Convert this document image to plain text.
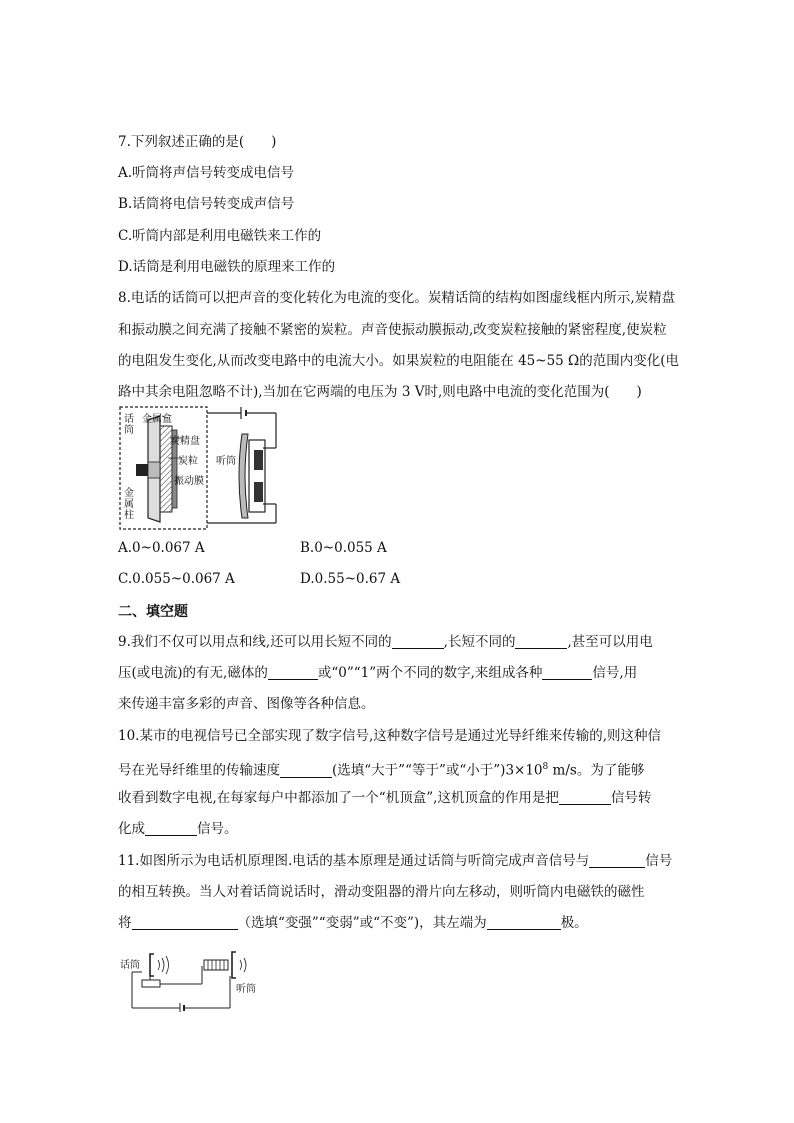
7.下列叙述正确的是(　　)
A.听筒将声信号转变成电信号
B.话筒将电信号转变成声信号
C.听筒内部是利用电磁铁来工作的
D.话筒是利用电磁铁的原理来工作的
8.电话的话筒可以把声音的变化转化为电流的变化。炭精话筒的结构如图虚线框内所示,炭精盘
和振动膜之间充满了接触不紧密的炭粒。声音使振动膜振动,改变炭粒接触的紧密程度,使炭粒
的电阻发生变化,从而改变电路中的电流大小。如果炭粒的电阻能在 45~55 Ω的范围内变化(电
路中其余电阻忽略不计),当加在它两端的电压为 3 V时,则电路中电流的变化范围为(　　)
话筒
金属盒
炭精盘
炭粒
振动膜
金属柱
听筒
A.0~0.067 A	B.0~0.055 A
C.0.055~0.067 A	D.0.55~0.67 A
二、填空题
9.我们不仅可以用点和线,还可以用长短不同的	,长短不同的	,甚至可以用电
压(或电流)的有无,磁体的	或“0”“1”两个不同的数字,来组成各种	信号,用
来传递丰富多彩的声音、图像等各种信息。
10.某市的电视信号已全部实现了数字信号,这种数字信号是通过光导纤维来传输的,则这种信
号在光导纤维里的传输速度	(选填“大于”“等于”或“小于$”)3\times 10^8$ m/s。为了能够
收看到数字电视,在每家每户中都添加了一个“机顶盒”,这机顶盒的作用是把	信号转
化成	信号。
11.如图所示为电话机原理图.电话的基本原理是通过话筒与听筒完成声音信号与	信号
的相互转换。当人对着话筒说话时，滑动变阻器的滑片向左移动，则听筒内电磁铁的磁性
将	（选填“变强”“变弱”或“不变”)，其左端为	极。
话筒
听筒
